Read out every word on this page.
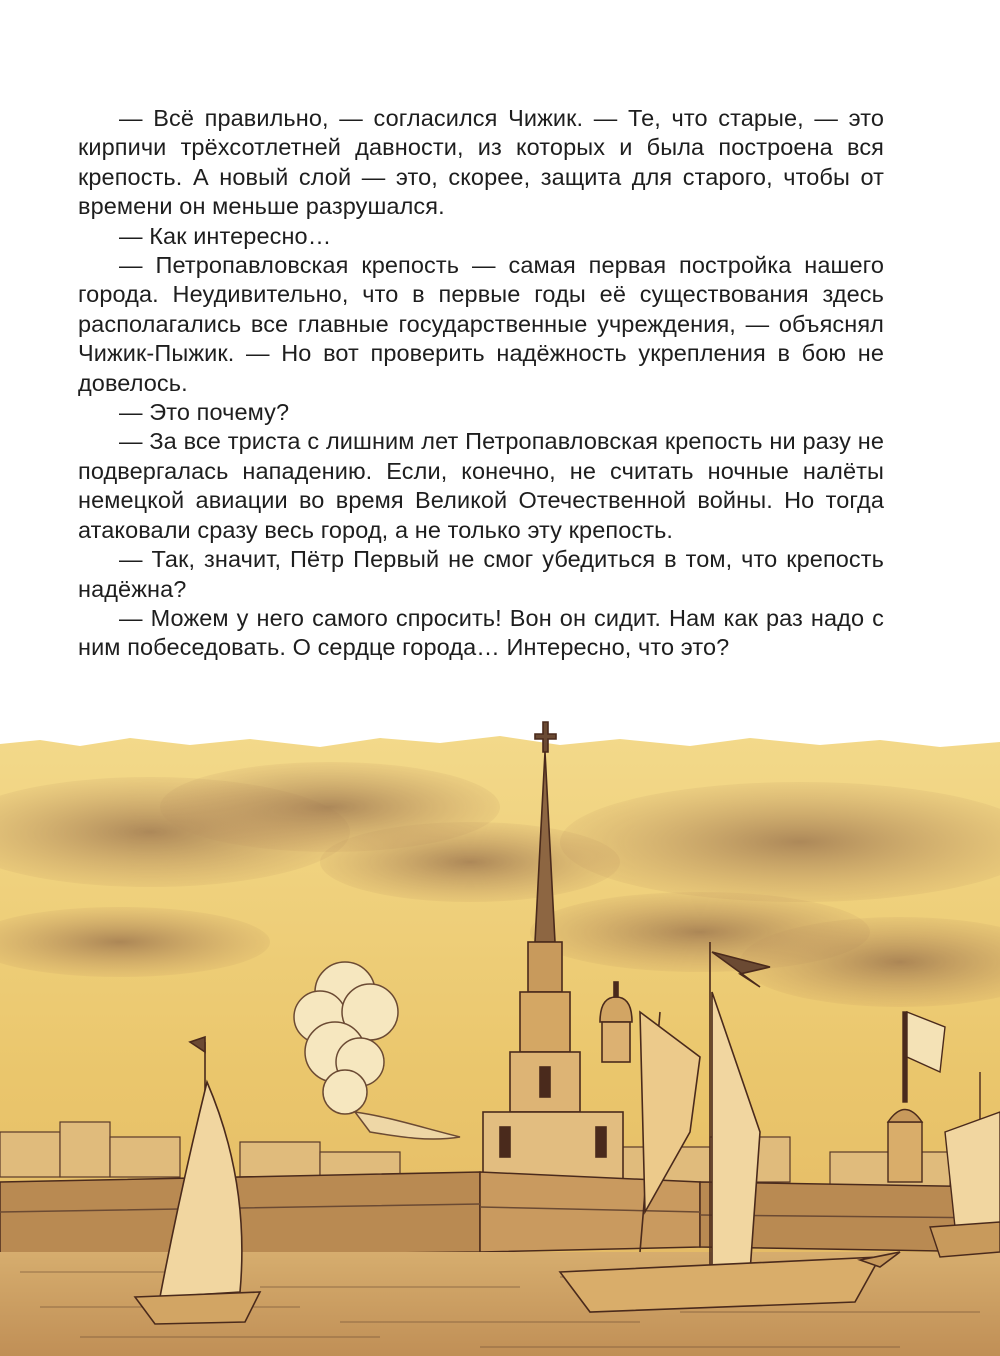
— Всё правильно, — согласился Чижик. — Те, что старые, — это кирпичи трёхсотлетней давности, из которых и была построена вся крепость. А новый слой — это, скорее, защита для старого, чтобы от времени он меньше разрушался.

— Как интересно…

— Петропавловская крепость — самая первая постройка нашего города. Неудивительно, что в первые годы её существования здесь располагались все главные государственные учреждения, — объяснял Чижик-Пыжик. — Но вот проверить надёжность укрепления в бою не довелось.

— Это почему?

— За все триста с лишним лет Петропавловская крепость ни разу не подвергалась нападению. Если, конечно, не считать ночные налёты немецкой авиации во время Великой Отечественной войны. Но тогда атаковали сразу весь город, а не только эту крепость.

— Так, значит, Пётр Первый не смог убедиться в том, что крепость надёжна?

— Можем у него самого спросить! Вон он сидит. Нам как раз надо с ним побеседовать. О сердце города… Интересно, что это?
